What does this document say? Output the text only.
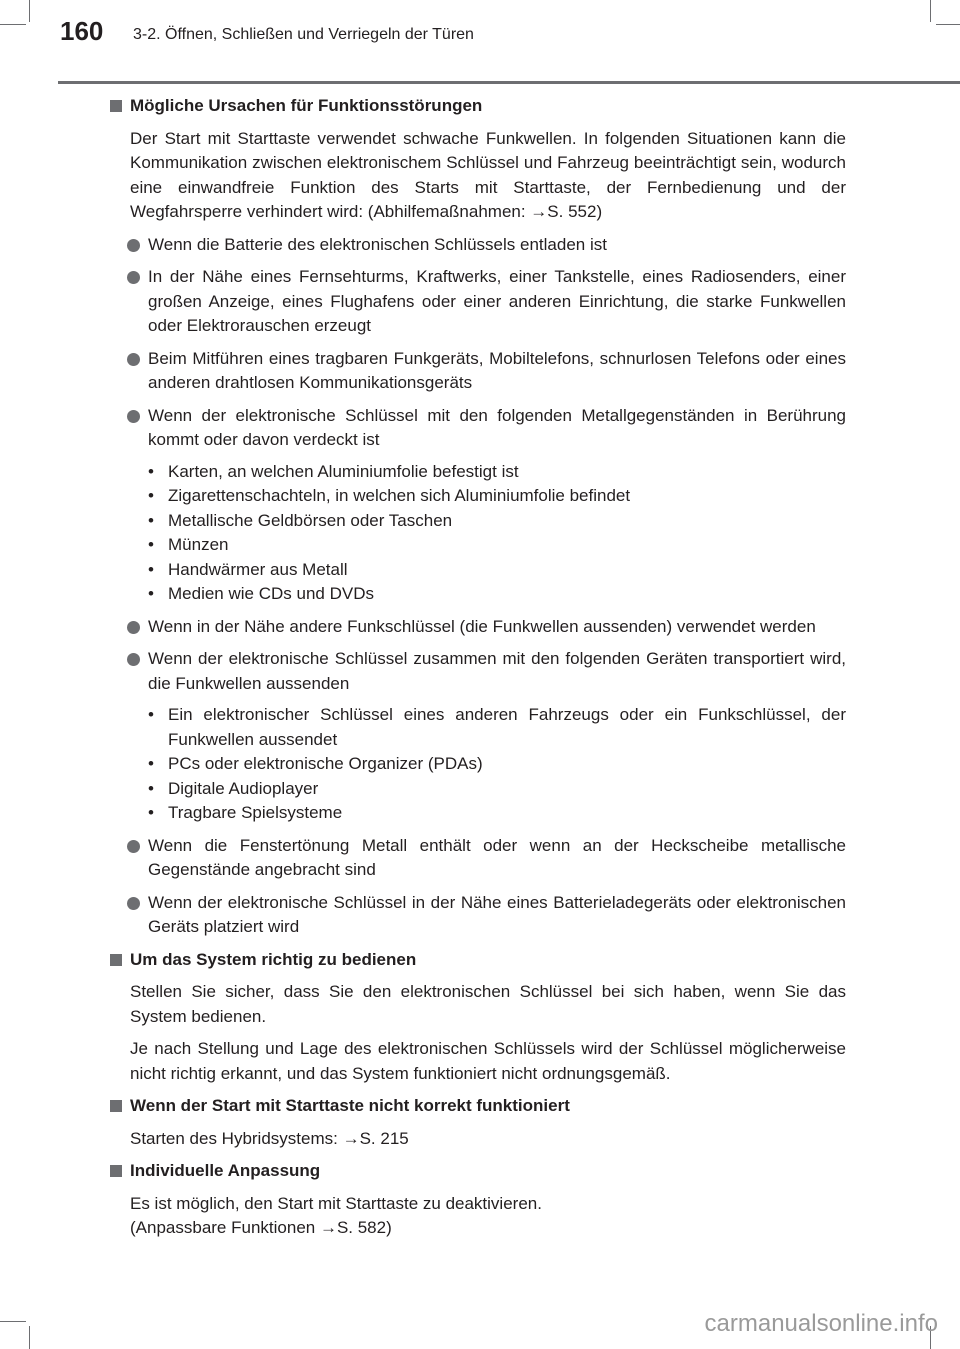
160 3-2. Öffnen, Schließen und Verriegeln der Türen
Mögliche Ursachen für Funktionsstörungen
Der Start mit Starttaste verwendet schwache Funkwellen. In folgenden Situationen kann die Kommunikation zwischen elektronischem Schlüssel und Fahrzeug beeinträchtigt sein, wodurch eine einwandfreie Funktion des Starts mit Starttaste, der Fernbedienung und der Wegfahrsperre verhindert wird: (Abhilfemaßnahmen: →S. 552)
Wenn die Batterie des elektronischen Schlüssels entladen ist
In der Nähe eines Fernsehturms, Kraftwerks, einer Tankstelle, eines Radiosenders, einer großen Anzeige, eines Flughafens oder einer anderen Einrichtung, die starke Funkwellen oder Elektrorauschen erzeugt
Beim Mitführen eines tragbaren Funkgeräts, Mobiltelefons, schnurlosen Telefons oder eines anderen drahtlosen Kommunikationsgeräts
Wenn der elektronische Schlüssel mit den folgenden Metallgegenständen in Berührung kommt oder davon verdeckt ist
• Karten, an welchen Aluminiumfolie befestigt ist
• Zigarettenschachteln, in welchen sich Aluminiumfolie befindet
• Metallische Geldbörsen oder Taschen
• Münzen
• Handwärmer aus Metall
• Medien wie CDs und DVDs
Wenn in der Nähe andere Funkschlüssel (die Funkwellen aussenden) verwendet werden
Wenn der elektronische Schlüssel zusammen mit den folgenden Geräten transportiert wird, die Funkwellen aussenden
• Ein elektronischer Schlüssel eines anderen Fahrzeugs oder ein Funkschlüssel, der Funkwellen aussendet
• PCs oder elektronische Organizer (PDAs)
• Digitale Audioplayer
• Tragbare Spielsysteme
Wenn die Fenstertönung Metall enthält oder wenn an der Heckscheibe metallische Gegenstände angebracht sind
Wenn der elektronische Schlüssel in der Nähe eines Batterieladegeräts oder elektronischen Geräts platziert wird
Um das System richtig zu bedienen
Stellen Sie sicher, dass Sie den elektronischen Schlüssel bei sich haben, wenn Sie das System bedienen.
Je nach Stellung und Lage des elektronischen Schlüssels wird der Schlüssel möglicherweise nicht richtig erkannt, und das System funktioniert nicht ordnungsgemäß.
Wenn der Start mit Starttaste nicht korrekt funktioniert
Starten des Hybridsystems: →S. 215
Individuelle Anpassung
Es ist möglich, den Start mit Starttaste zu deaktivieren.
(Anpassbare Funktionen →S. 582)
carmanualsonline.info
